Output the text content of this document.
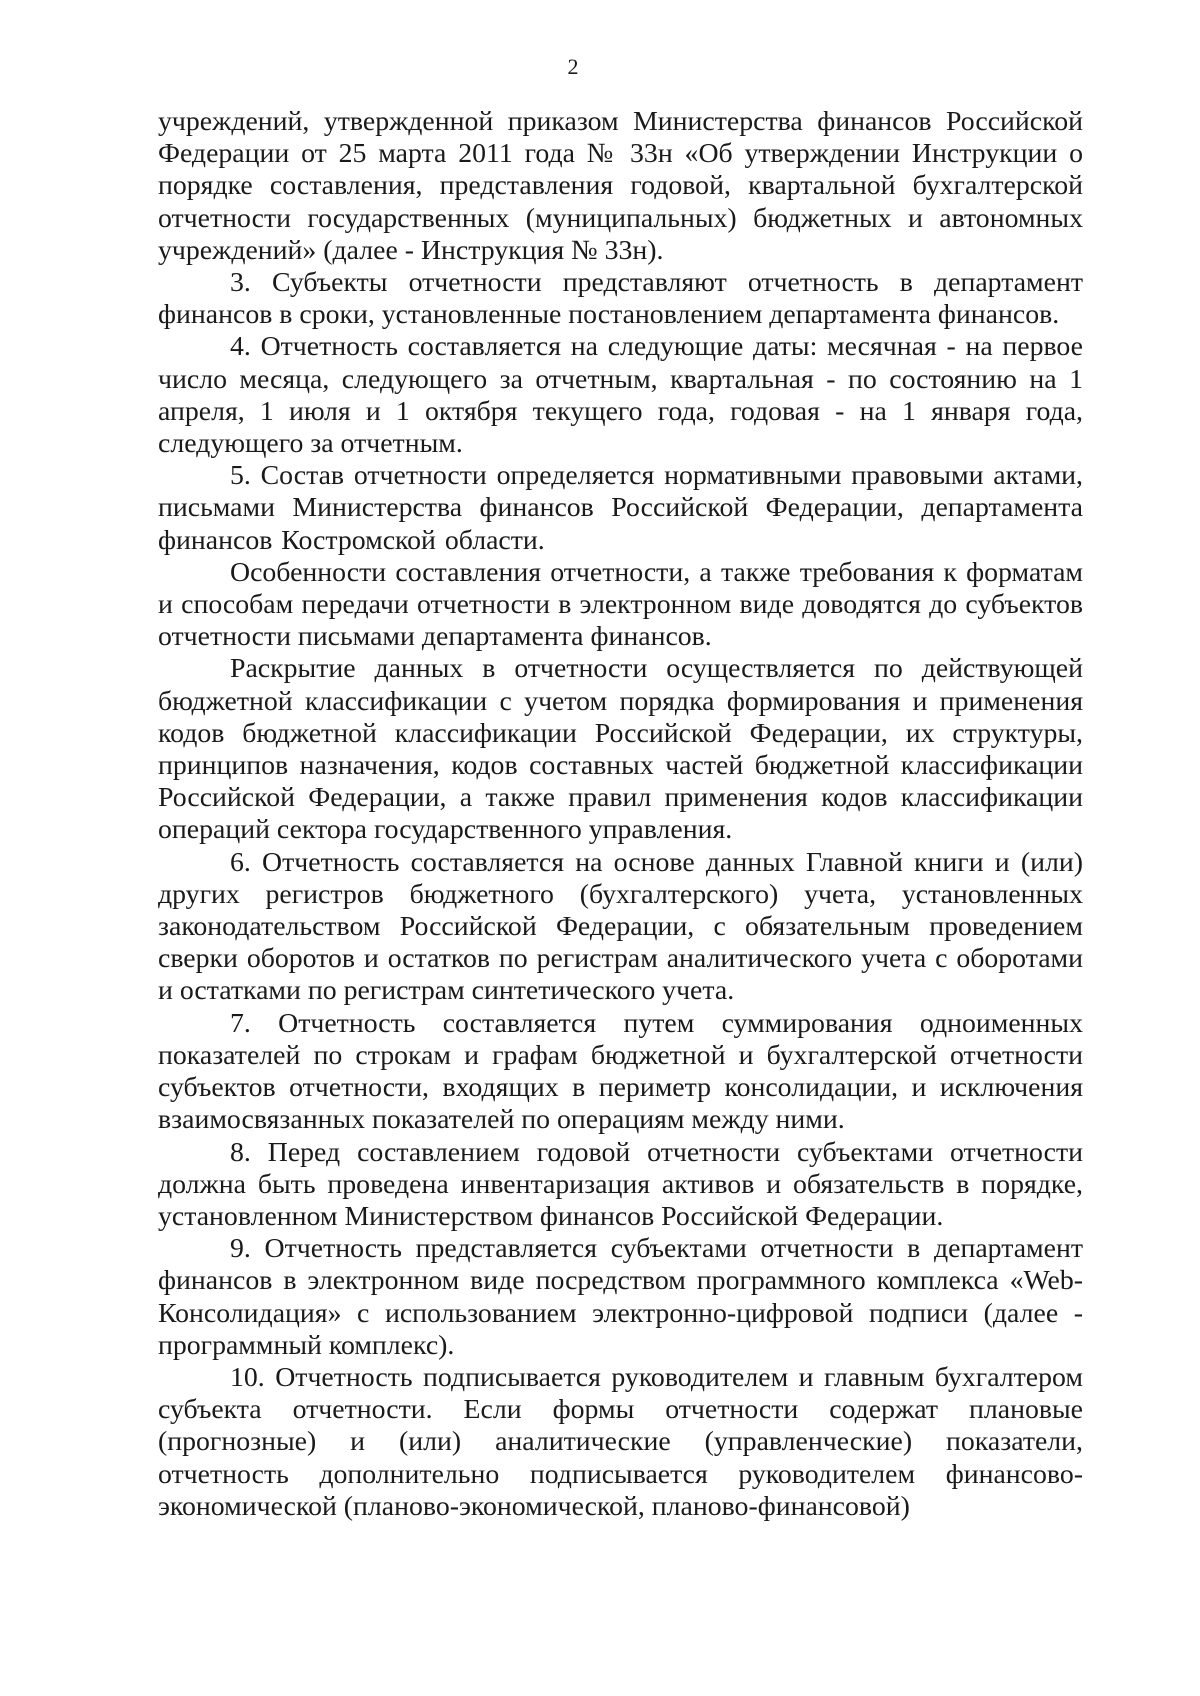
2

учреждений, утвержденной приказом Министерства финансов Российской Федерации от 25 марта 2011 года № 33н «Об утверждении Инструкции о порядке составления, представления годовой, квартальной бухгалтерской отчетности государственных (муниципальных) бюджетных и автономных учреждений» (далее - Инструкция № 33н).

3. Субъекты отчетности представляют отчетность в департамент финансов в сроки, установленные постановлением департамента финансов.

4. Отчетность составляется на следующие даты: месячная - на первое число месяца, следующего за отчетным, квартальная - по состоянию на 1 апреля, 1 июля и 1 октября текущего года, годовая - на 1 января года, следующего за отчетным.

5. Состав отчетности определяется нормативными правовыми актами, письмами Министерства финансов Российской Федерации, департамента финансов Костромской области.

Особенности составления отчетности, а также требования к форматам и способам передачи отчетности в электронном виде доводятся до субъектов отчетности письмами департамента финансов.

Раскрытие данных в отчетности осуществляется по действующей бюджетной классификации с учетом порядка формирования и применения кодов бюджетной классификации Российской Федерации, их структуры, принципов назначения, кодов составных частей бюджетной классификации Российской Федерации, а также правил применения кодов классификации операций сектора государственного управления.

6. Отчетность составляется на основе данных Главной книги и (или) других регистров бюджетного (бухгалтерского) учета, установленных законодательством Российской Федерации, с обязательным проведением сверки оборотов и остатков по регистрам аналитического учета с оборотами и остатками по регистрам синтетического учета.

7. Отчетность составляется путем суммирования одноименных показателей по строкам и графам бюджетной и бухгалтерской отчетности субъектов отчетности, входящих в периметр консолидации, и исключения взаимосвязанных показателей по операциям между ними.

8. Перед составлением годовой отчетности субъектами отчетности должна быть проведена инвентаризация активов и обязательств в порядке, установленном Министерством финансов Российской Федерации.

9. Отчетность представляется субъектами отчетности в департамент финансов в электронном виде посредством программного комплекса «Web-Консолидация» с использованием электронно-цифровой подписи (далее - программный комплекс).

10. Отчетность подписывается руководителем и главным бухгалтером субъекта отчетности. Если формы отчетности содержат плановые (прогнозные) и (или) аналитические (управленческие) показатели, отчетность дополнительно подписывается руководителем финансово-экономической (планово-экономической, планово-финансовой)
